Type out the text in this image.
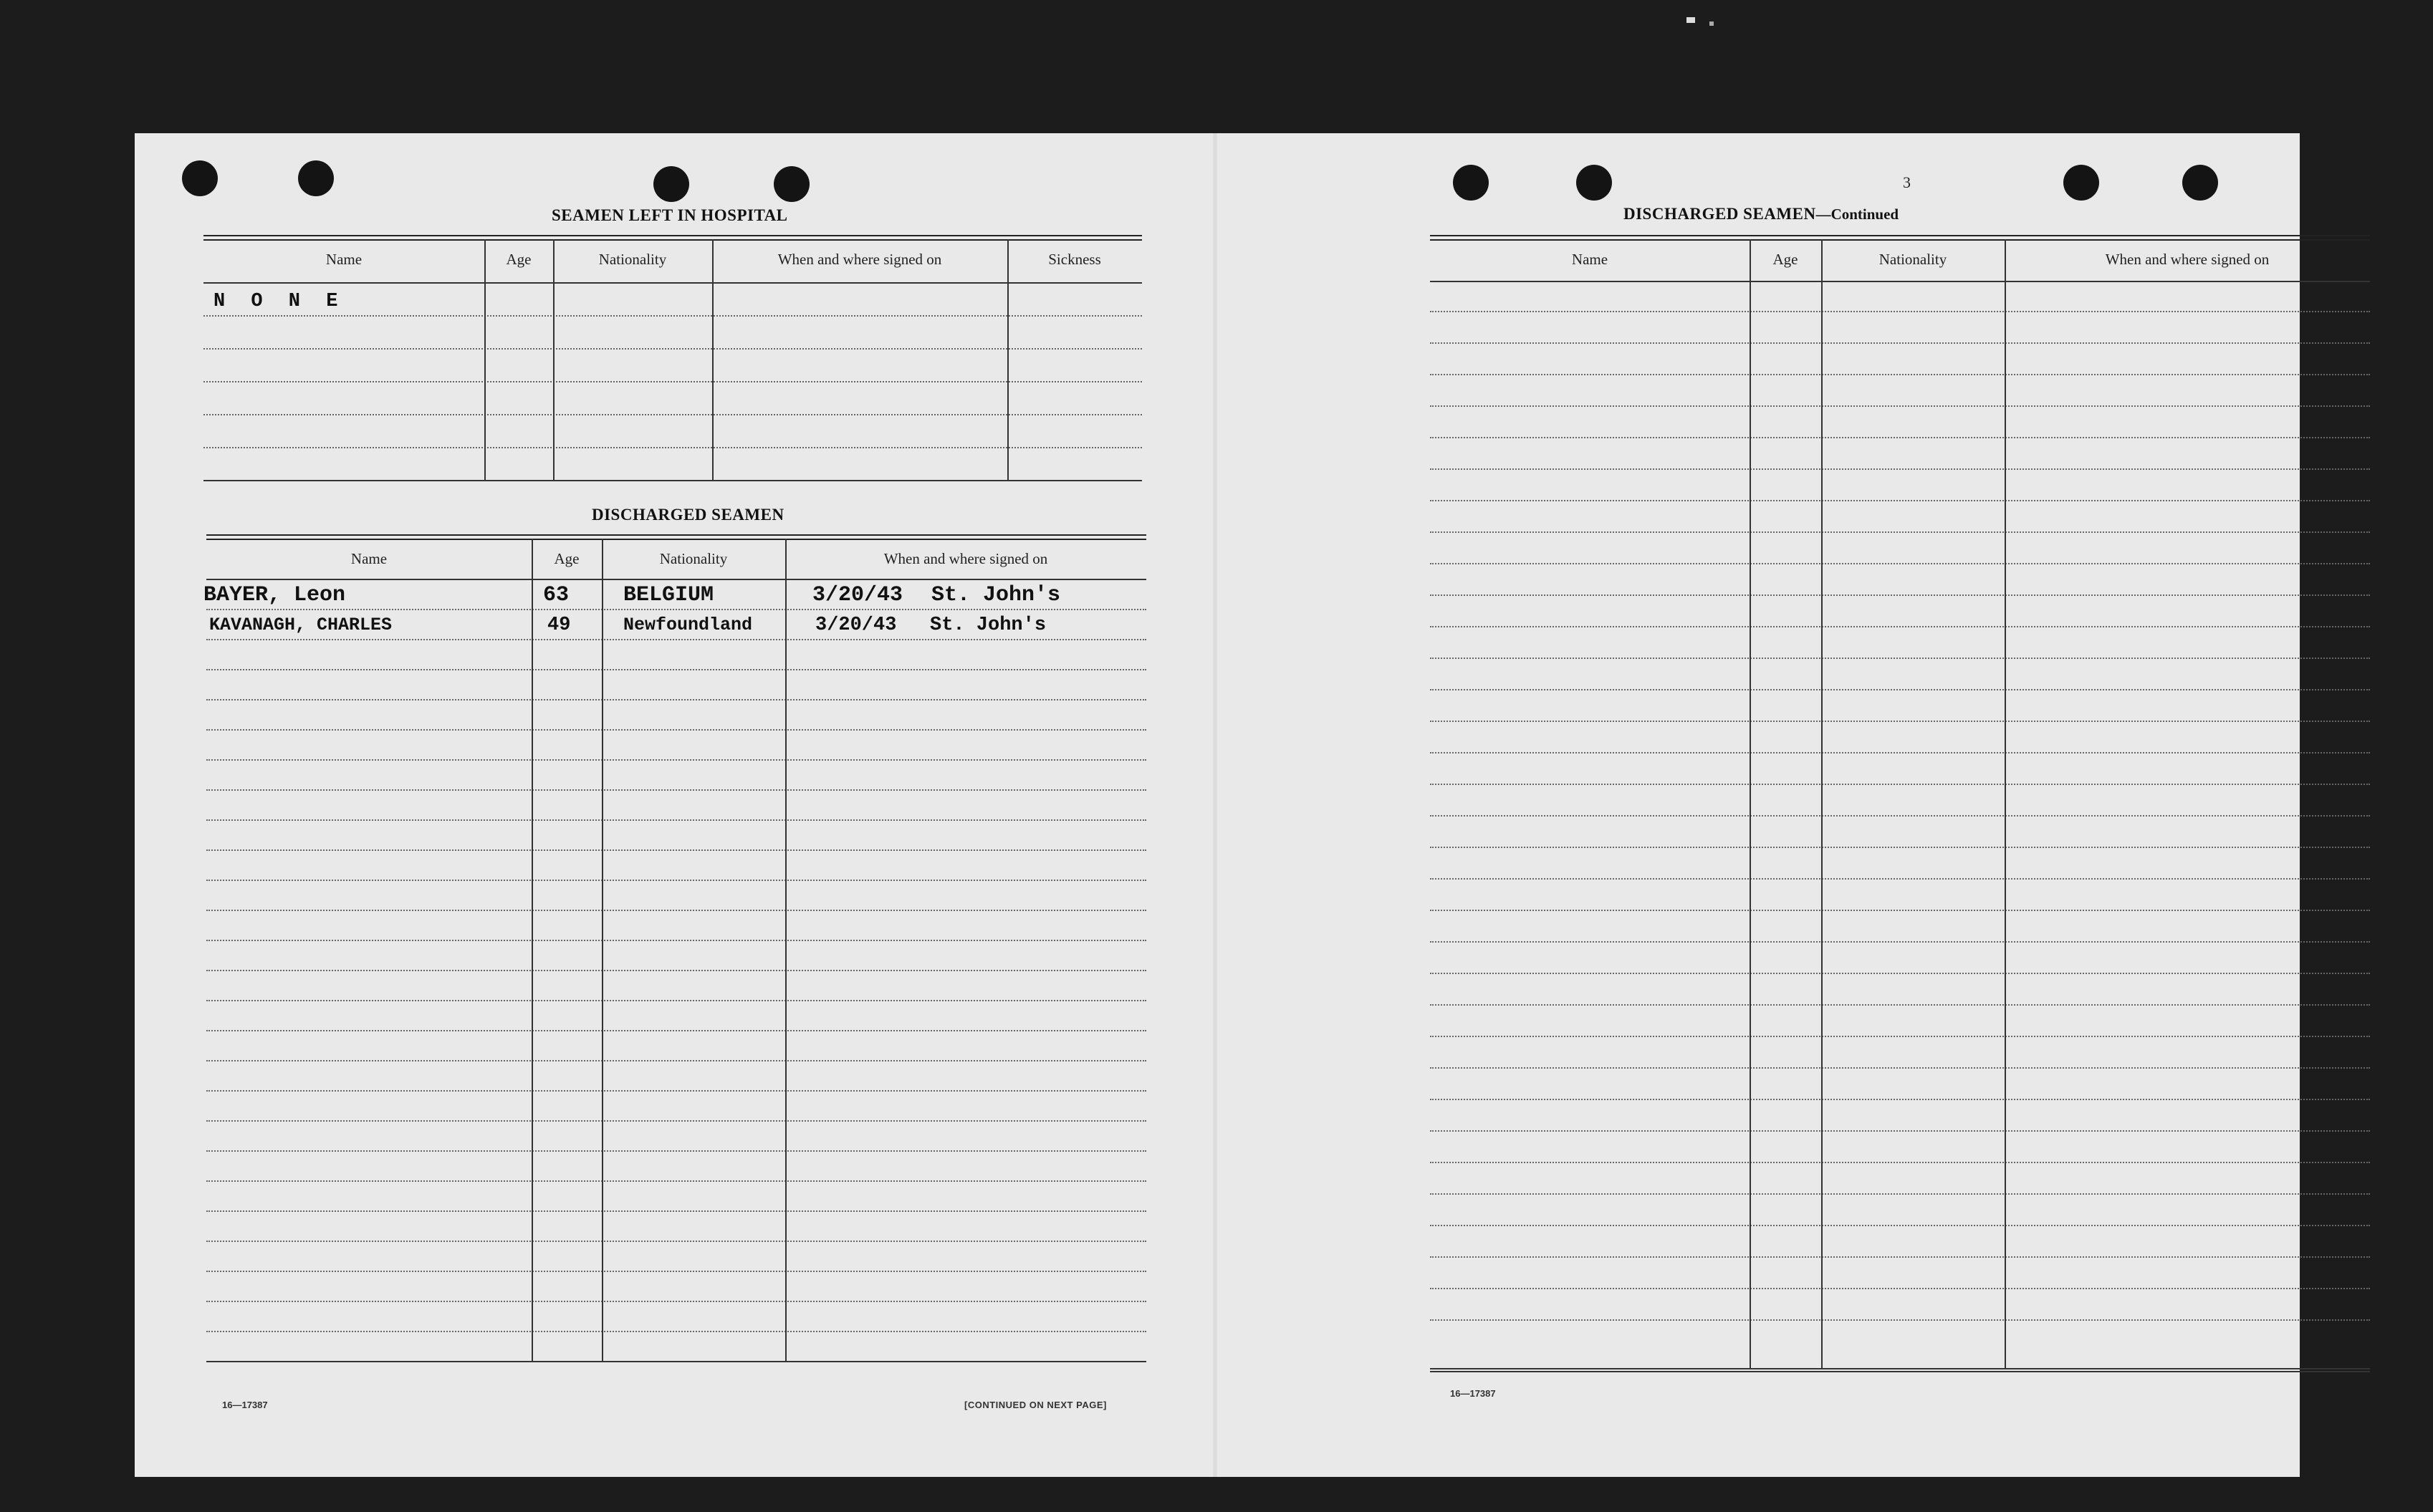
SEAMEN LEFT IN HOSPITAL
Name	Age	Nationality	When and where signed on	Sickness
N O N E
DISCHARGED SEAMEN
Name	Age	Nationality	When and where signed on
BAYER, Leon	63	BELGIUM	3/20/43 St. John's
KAVANAGH, CHARLES	49	Newfoundland	3/20/43 St. John's
16—17387	[CONTINUED ON NEXT PAGE]
3
DISCHARGED SEAMEN—Continued
Name	Age	Nationality	When and where signed on
16—17387
